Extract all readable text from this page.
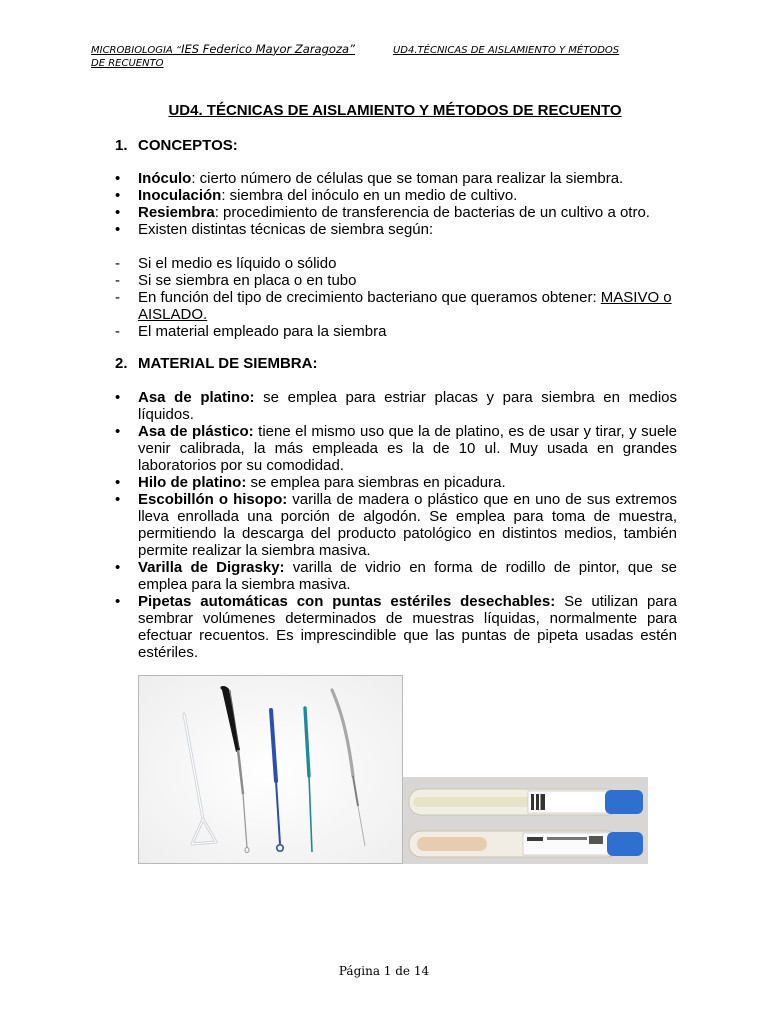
MICROBIOLOGIA “IES Federico Mayor Zaragoza”	UD4.TÉCNICAS DE AISLAMIENTO Y MÉTODOS
DE RECUENTO
UD4. TÉCNICAS DE AISLAMIENTO Y MÉTODOS DE RECUENTO
1. CONCEPTOS:
• Inóculo: cierto número de células que se toman para realizar la siembra.
• Inoculación: siembra del inóculo en un medio de cultivo.
• Resiembra: procedimiento de transferencia de bacterias de un cultivo a otro.
• Existen distintas técnicas de siembra según:
- Si el medio es líquido o sólido
- Si se siembra en placa o en tubo
- En función del tipo de crecimiento bacteriano que queramos obtener: MASIVO o AISLADO.
- El material empleado para la siembra
2. MATERIAL DE SIEMBRA:
• Asa de platino: se emplea para estriar placas y para siembra en medios líquidos.
• Asa de plástico: tiene el mismo uso que la de platino, es de usar y tirar, y suele venir calibrada, la más empleada es la de 10 ul. Muy usada en grandes laboratorios por su comodidad.
• Hilo de platino: se emplea para siembras en picadura.
• Escobillón o hisopo: varilla de madera o plástico que en uno de sus extremos lleva enrollada una porción de algodón. Se emplea para toma de muestra, permitiendo la descarga del producto patológico en distintos medios, también permite realizar la siembra masiva.
• Varilla de Digrasky: varilla de vidrio en forma de rodillo de pintor, que se emplea para la siembra masiva.
• Pipetas automáticas con puntas estériles desechables: Se utilizan para sembrar volúmenes determinados de muestras líquidas, normalmente para efectuar recuentos. Es imprescindible que las puntas de pipeta usadas estén estériles.
Página 1 de 14
